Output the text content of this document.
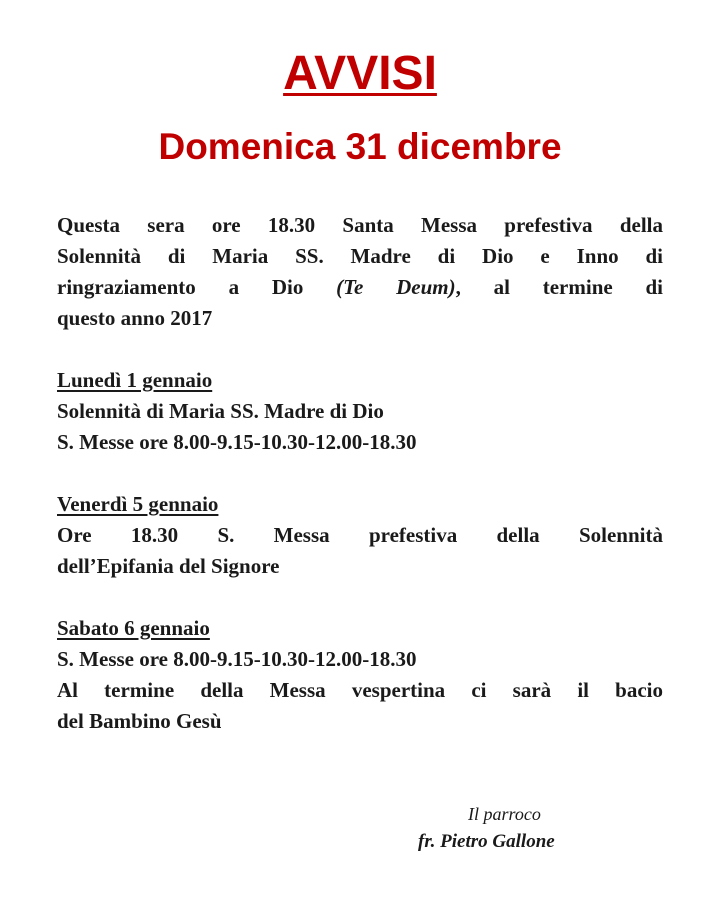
AVVISI
Domenica 31 dicembre
Questa sera ore 18.30 Santa Messa prefestiva della
Solennità di Maria SS. Madre di Dio e Inno di
ringraziamento a Dio (Te Deum), al termine di
questo anno 2017
Lunedì 1 gennaio
Solennità di Maria SS. Madre di Dio
S. Messe ore 8.00-9.15-10.30-12.00-18.30
Venerdì 5 gennaio
Ore 18.30 S. Messa prefestiva della Solennità
dell’Epifania del Signore
Sabato 6 gennaio
S. Messe ore 8.00-9.15-10.30-12.00-18.30
Al termine della Messa vespertina ci sarà il bacio
del Bambino Gesù
Il parroco
fr. Pietro Gallone
